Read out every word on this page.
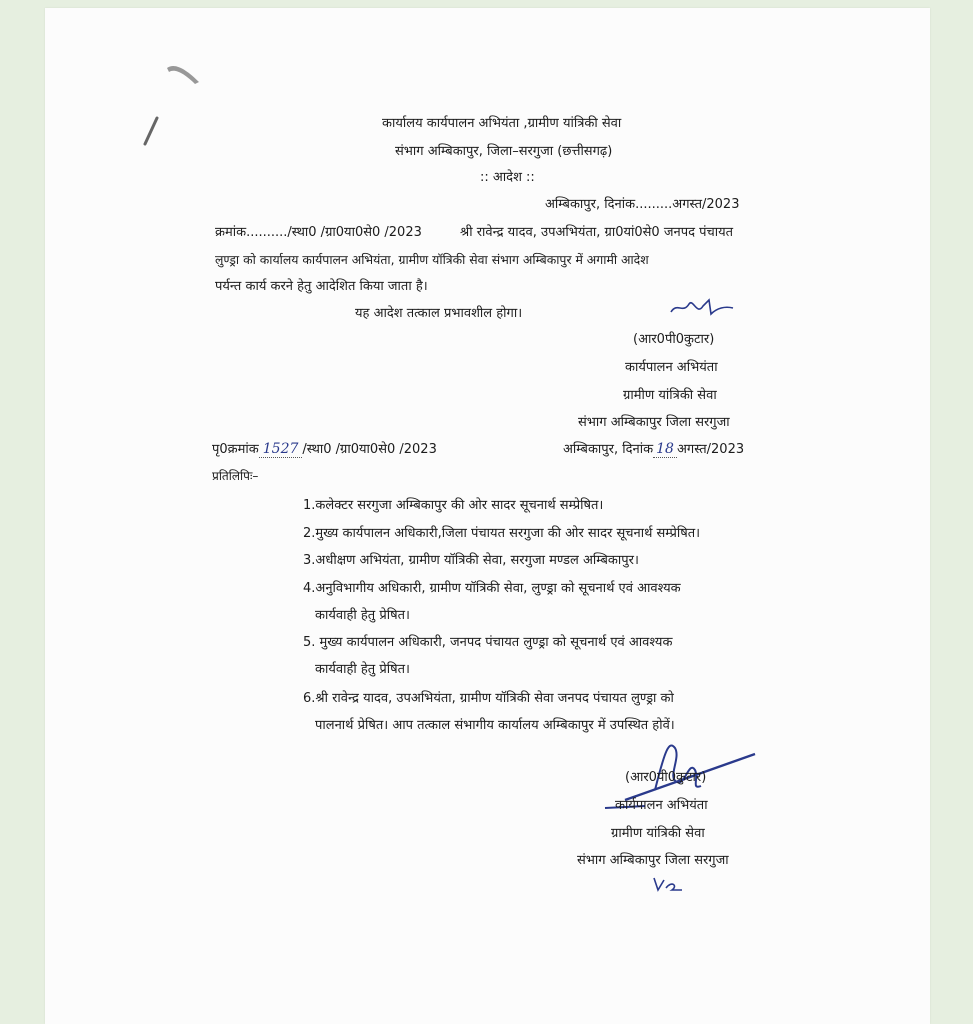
कार्यालय कार्यपालन अभियंता ,ग्रामीण यांत्रिकी सेवा
संभाग अम्बिकापुर, जिला–सरगुजा (छत्तीसगढ़)
:: आदेश ::
अम्बिकापुर, दिनांक.........अगस्त/2023
क्रमांक........../स्था0 /ग्रा0या0से0 /2023	श्री रावेन्द्र यादव, उपअभियंता, ग्रा0यां0से0 जनपद पंचायत
लुण्ड्रा को कार्यालय कार्यपालन अभियंता, ग्रामीण यॉत्रिकी सेवा संभाग अम्बिकापुर में अगामी आदेश
पर्यन्त कार्य करने हेतु आदेशित किया जाता है।
यह आदेश तत्काल प्रभावशील होगा।
(आर0पी0कुटार)
कार्यपालन अभियंता
ग्रामीण यांत्रिकी सेवा
संभाग अम्बिकापुर जिला सरगुजा
पृ0क्रमांक 1527 /स्था0 /ग्रा0या0से0 /2023	अम्बिकापुर, दिनांक 18 अगस्त/2023
प्रतिलिपिः–
1.कलेक्टर सरगुजा अम्बिकापुर की ओर सादर सूचनार्थ सम्प्रेषित।
2.मुख्य कार्यपालन अधिकारी,जिला पंचायत सरगुजा की ओर सादर सूचनार्थ सम्प्रेषित।
3.अधीक्षण अभियंता, ग्रामीण यॉत्रिकी सेवा, सरगुजा मण्डल अम्बिकापुर।
4.अनुविभागीय अधिकारी, ग्रामीण यॉत्रिकी सेवा, लुण्ड्रा को सूचनार्थ एवं आवश्यक
कार्यवाही हेतु प्रेषित।
5. मुख्य कार्यपालन अधिकारी, जनपद पंचायत लुण्ड्रा को सूचनार्थ एवं आवश्यक
कार्यवाही हेतु प्रेषित।
6.श्री रावेन्द्र यादव, उपअभियंता, ग्रामीण यॉत्रिकी सेवा जनपद पंचायत लुण्ड्रा को
पालनार्थ प्रेषित। आप तत्काल संभागीय कार्यालय अम्बिकापुर में उपस्थित होवें।
(आर0पी0कुटार)
कार्यपालन अभियंता
ग्रामीण यांत्रिकी सेवा
संभाग अम्बिकापुर जिला सरगुजा
